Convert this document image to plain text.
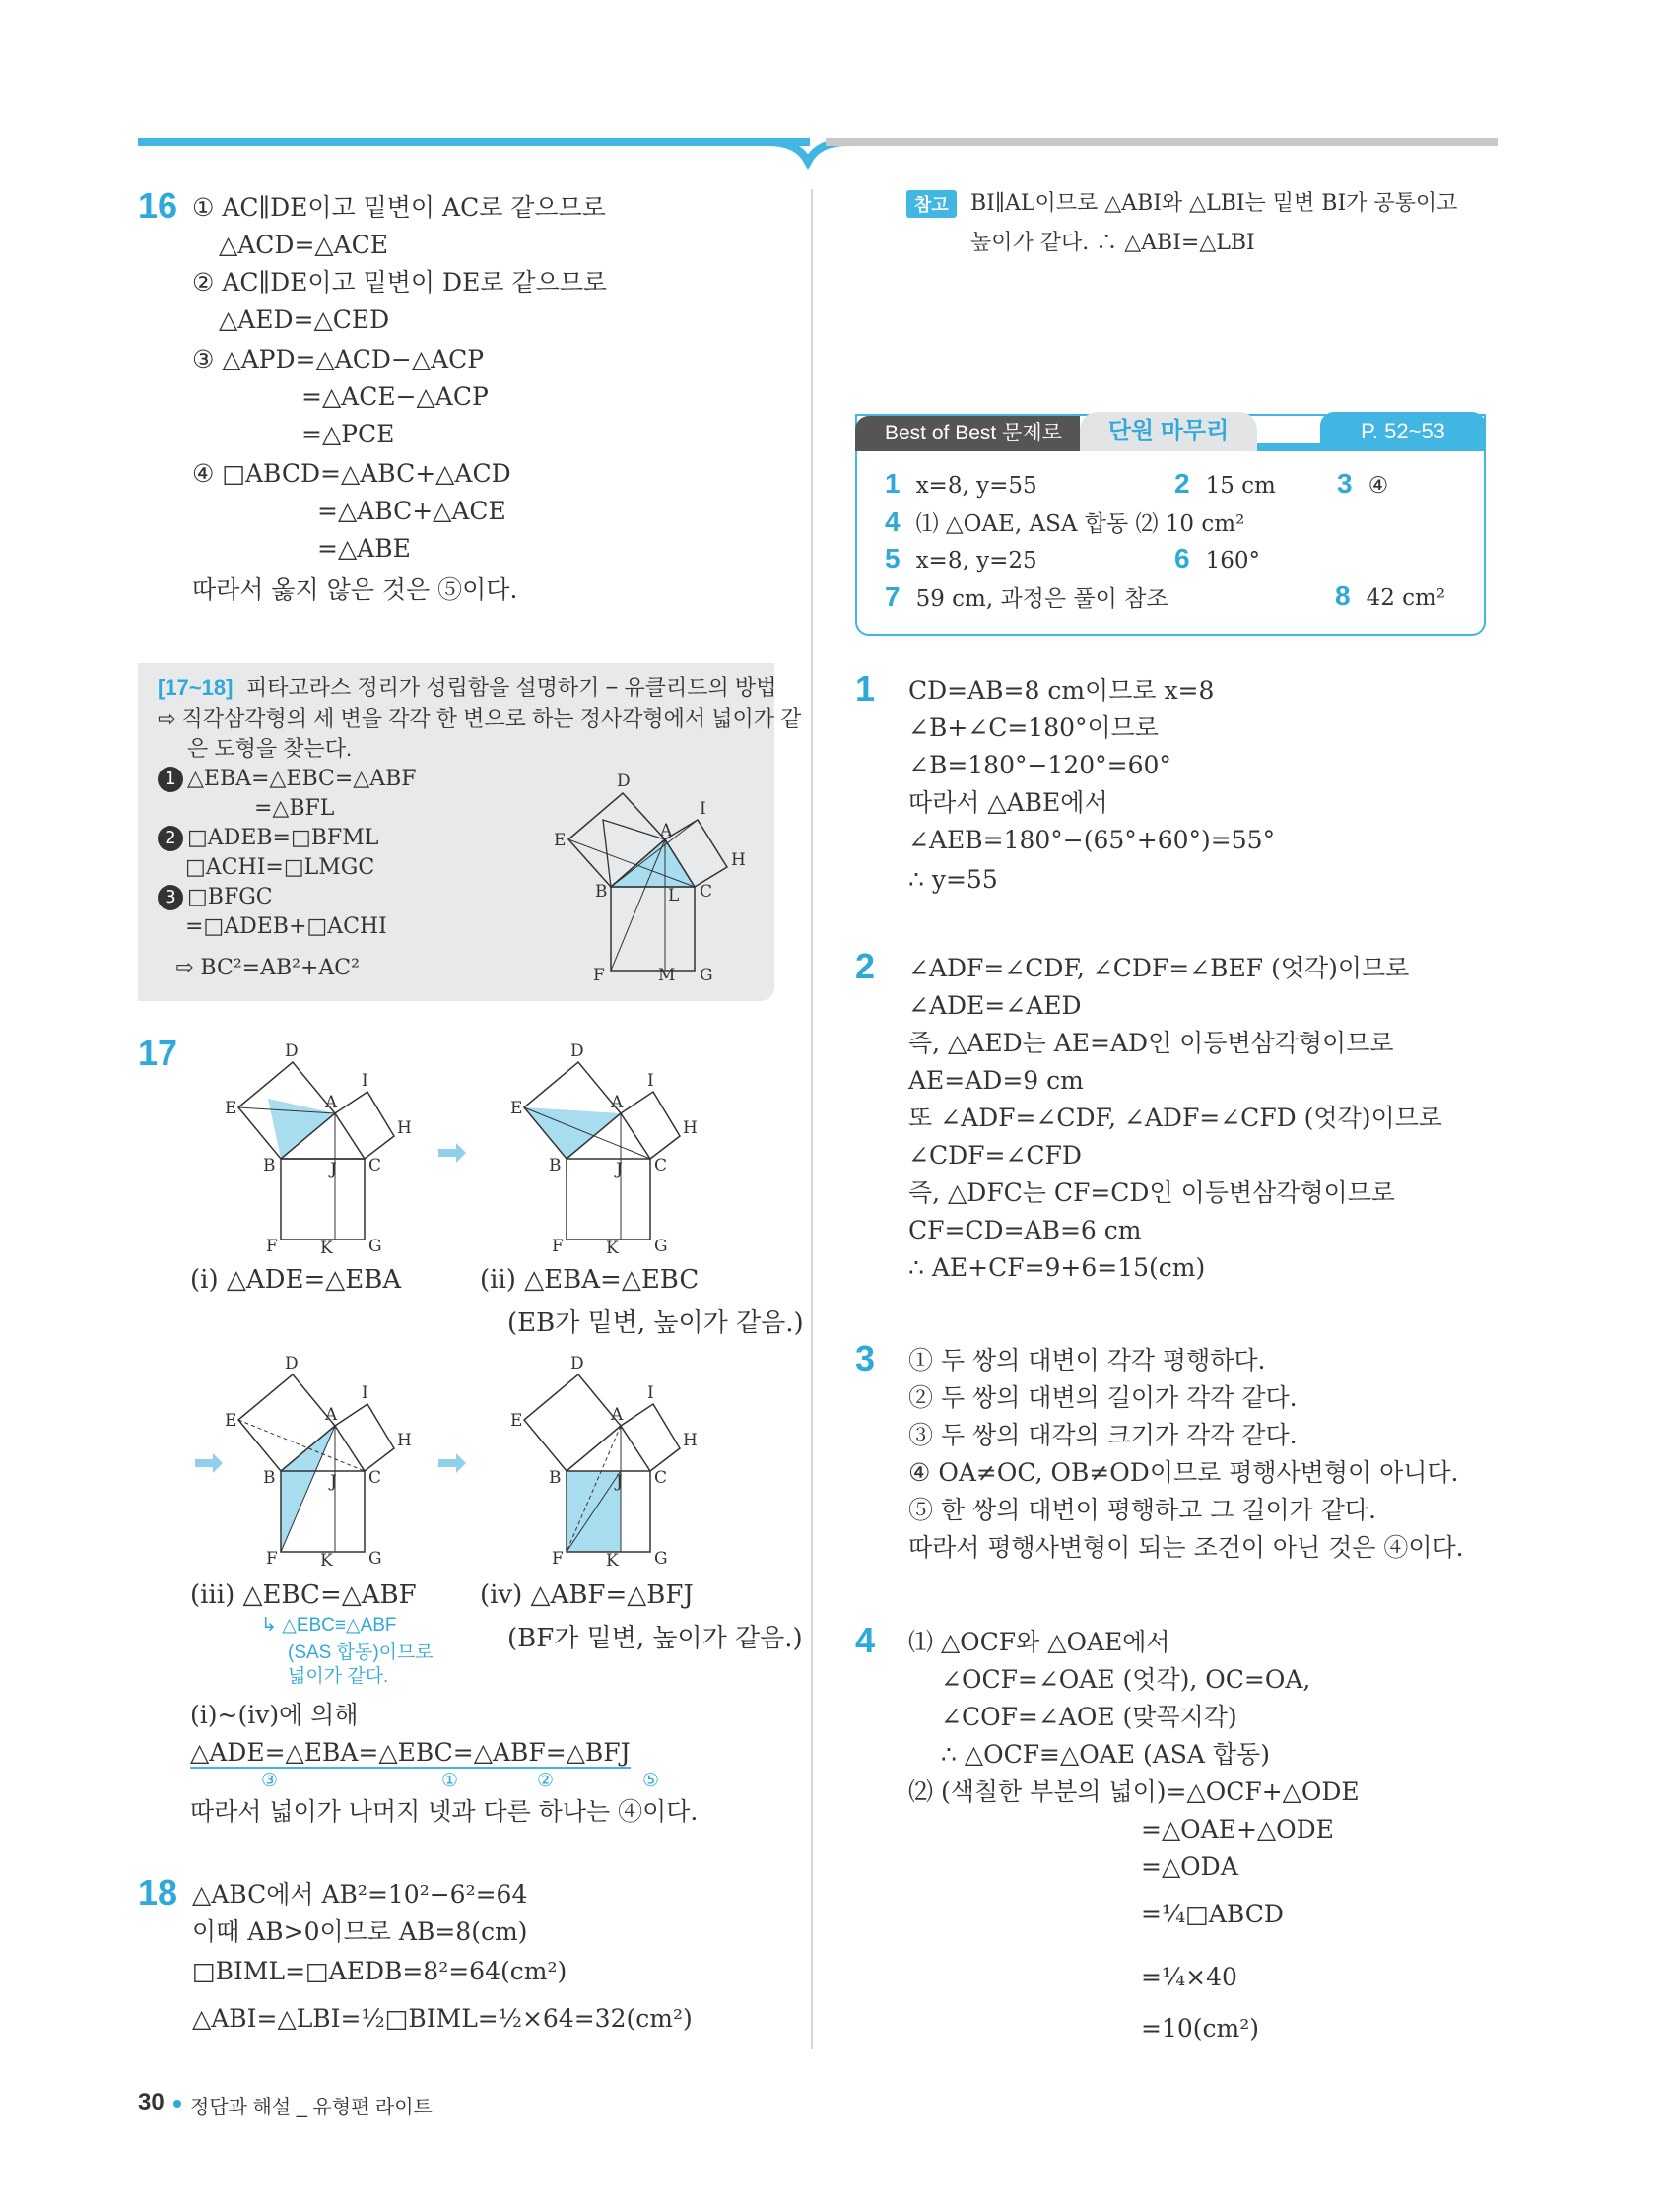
16 ① AC∥DE이고 밑변이 AC로 같으므로
△ACD=△ACE
② AC∥DE이고 밑변이 DE로 같으므로
△AED=△CED
③ △APD=△ACD−△ACP
=△ACE−△ACP
=△PCE
④ □ABCD=△ABC+△ACD
=△ABC+△ACE
=△ABE
따라서 옳지 않은 것은 ⑤이다.
[17~18] 피타고라스 정리가 성립함을 설명하기 − 유클리드의 방법
⇨ 직각삼각형의 세 변을 각각 한 변으로 하는 정사각형에서 넓이가 같
은 도형을 찾는다.
1 △EBA=△EBC=△ABF
=△BFL
2 □ADEB=□BFML
□ACHI=□LMGC
3 □BFGC
=□ADEB+□ACHI
⇨ BC²=AB²+AC²
D
I
E	A
H
B	L C
F	M G
17	D
I
E	A
H
B	J C
F	K G
D
I
E	A
H
B	J C
F	K G
(ⅰ) △ADE=△EBA	(ⅱ) △EBA=△EBC
(EB가 밑변, 높이가 같음.)
D
I
E	A
H
B	J C
F	K G
D
I
E	A
H
B	J C
F	K G
(ⅲ) △EBC=△ABF
↳ △EBC≡△ABF
(SAS 합동)이므로
넓이가 같다.
(ⅳ) △ABF=△BFJ
(BF가 밑변, 높이가 같음.)
(ⅰ)~(ⅳ)에 의해
△ADE=△EBA=△EBC=△ABF=△BFJ
③	①	②	⑤
따라서 넓이가 나머지 넷과 다른 하나는 ④이다.
18 △ABC에서 AB²=10²−6²=64
이때 AB>0이므로 AB=8(cm)
□BIML=□AEDB=8²=64(cm²)
△ABI=△LBI=½□BIML=½×64=32(cm²)
30 정답과 해설 _ 유형편 라이트
참고	BI∥AL이므로 △ABI와 △LBI는 밑변 BI가 공통이고
높이가 같다. ∴ △ABI=△LBI
Best of Best 문제로	단원 마무리	P. 52~53
1 x=8, y=55	2 15 cm 3 ④
4 ⑴ △OAE, ASA 합동 ⑵ 10 cm²
5 x=8, y=25	6 160°
7 59 cm, 과정은 풀이 참조	8 42 cm²
1 CD=AB=8 cm이므로 x=8
∠B+∠C=180°이므로
∠B=180°−120°=60°
따라서 △ABE에서
∠AEB=180°−(65°+60°)=55°
∴ y=55
2 ∠ADF=∠CDF, ∠CDF=∠BEF (엇각)이므로
∠ADE=∠AED
즉, △AED는 AE=AD인 이등변삼각형이므로
AE=AD=9 cm
또 ∠ADF=∠CDF, ∠ADF=∠CFD (엇각)이므로
∠CDF=∠CFD
즉, △DFC는 CF=CD인 이등변삼각형이므로
CF=CD=AB=6 cm
∴ AE+CF=9+6=15(cm)
3 ① 두 쌍의 대변이 각각 평행하다.
② 두 쌍의 대변의 길이가 각각 같다.
③ 두 쌍의 대각의 크기가 각각 같다.
④ OA≠OC, OB≠OD이므로 평행사변형이 아니다.
⑤ 한 쌍의 대변이 평행하고 그 길이가 같다.
따라서 평행사변형이 되는 조건이 아닌 것은 ④이다.
4 ⑴ △OCF와 △OAE에서
∠OCF=∠OAE (엇각), OC=OA,
∠COF=∠AOE (맞꼭지각)
∴ △OCF≡△OAE (ASA 합동)
⑵ (색칠한 부분의 넓이)=△OCF+△ODE
=△OAE+△ODE
=△ODA
=¼□ABCD
=¼×40
=10(cm²)
